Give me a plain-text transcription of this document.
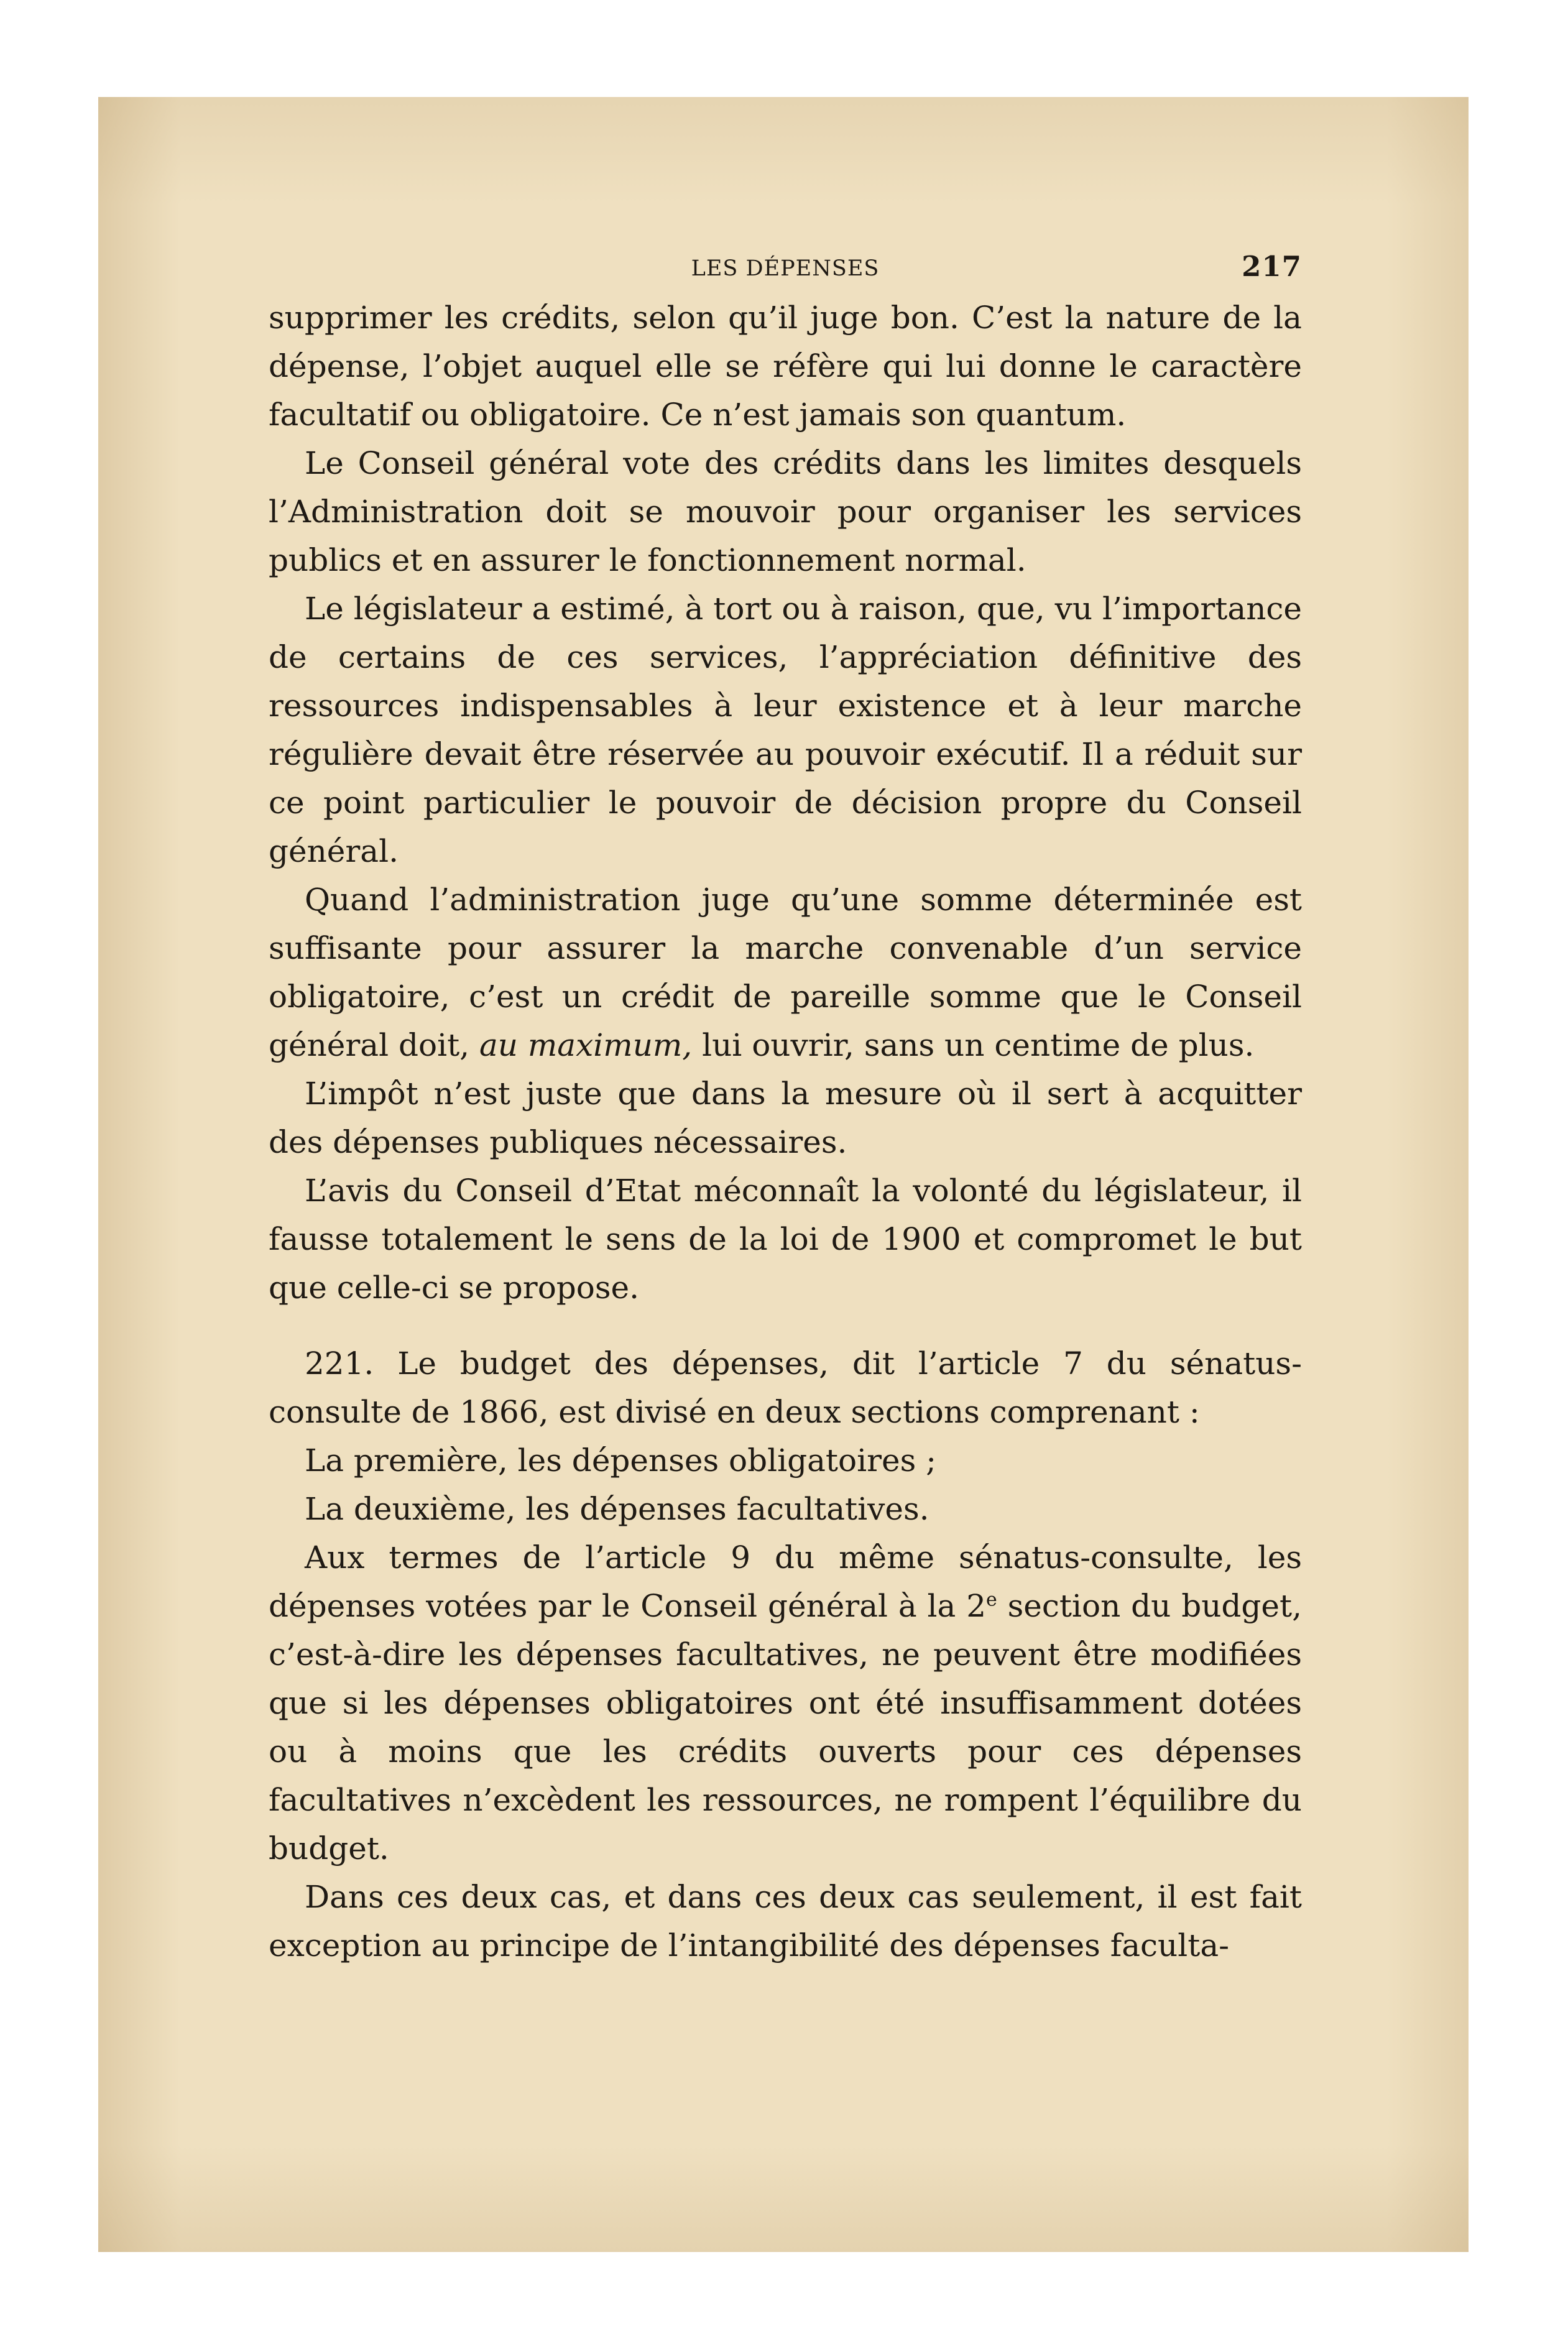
LES DÉPENSES	217

supprimer les crédits, selon qu’il juge bon. C’est la nature de la dépense, l’objet auquel elle se réfère qui lui donne le caractère facultatif ou obligatoire. Ce n’est jamais son quantum.

Le Conseil général vote des crédits dans les limites desquels l’Administration doit se mouvoir pour organiser les services publics et en assurer le fonctionnement normal.

Le législateur a estimé, à tort ou à raison, que, vu l’importance de certains de ces services, l’appréciation définitive des ressources indispensables à leur existence et à leur marche régulière devait être réservée au pouvoir exécutif. Il a réduit sur ce point particulier le pouvoir de décision propre du Conseil général.

Quand l’administration juge qu’une somme déterminée est suffisante pour assurer la marche convenable d’un service obligatoire, c’est un crédit de pareille somme que le Conseil général doit, au maximum, lui ouvrir, sans un centime de plus.

L’impôt n’est juste que dans la mesure où il sert à acquitter des dépenses publiques nécessaires.

L’avis du Conseil d’Etat méconnaît la volonté du législateur, il fausse totalement le sens de la loi de 1900 et compromet le but que celle-ci se propose.

221. Le budget des dépenses, dit l’article 7 du sénatus-consulte de 1866, est divisé en deux sections comprenant :

La première, les dépenses obligatoires ;

La deuxième, les dépenses facultatives.

Aux termes de l’article 9 du même sénatus-consulte, les dépenses votées par le Conseil général à la 2e section du budget, c’est-à-dire les dépenses facultatives, ne peuvent être modifiées que si les dépenses obligatoires ont été insuffisamment dotées ou à moins que les crédits ouverts pour ces dépenses facultatives n’excèdent les ressources, ne rompent l’équilibre du budget.

Dans ces deux cas, et dans ces deux cas seulement, il est fait exception au principe de l’intangibilité des dépenses faculta-
